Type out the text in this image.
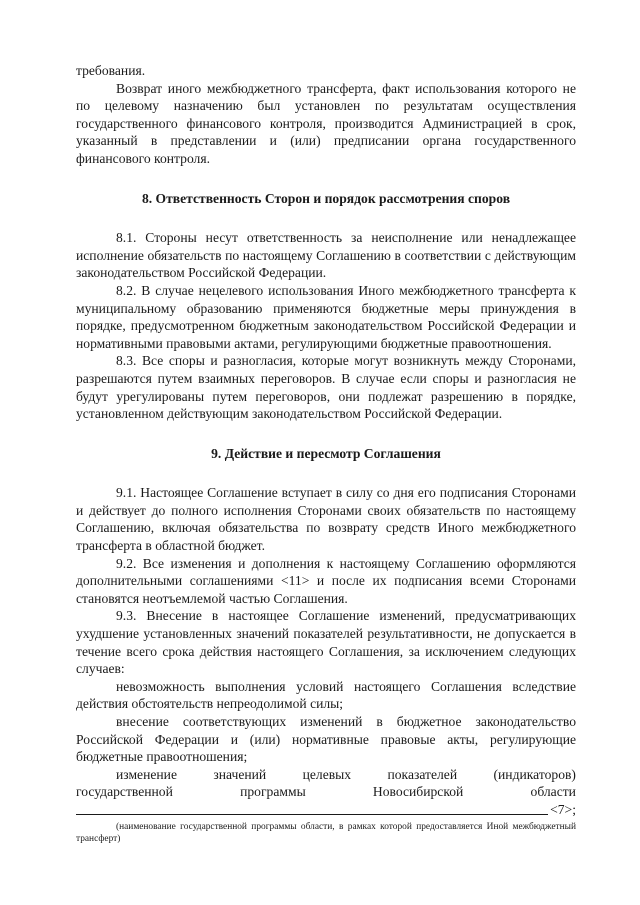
требования.

Возврат иного межбюджетного трансферта, факт использования которого не по целевому назначению был установлен по результатам осуществления государственного финансового контроля, производится Администрацией в срок, указанный в представлении и (или) предписании органа государственного финансового контроля.

8. Ответственность Сторон и порядок рассмотрения споров

8.1. Стороны несут ответственность за неисполнение или ненадлежащее исполнение обязательств по настоящему Соглашению в соответствии с действующим законодательством Российской Федерации.

8.2. В случае нецелевого использования Иного межбюджетного трансферта к муниципальному образованию применяются бюджетные меры принуждения в порядке, предусмотренном бюджетным законодательством Российской Федерации и нормативными правовыми актами, регулирующими бюджетные правоотношения.

8.3. Все споры и разногласия, которые могут возникнуть между Сторонами, разрешаются путем взаимных переговоров. В случае если споры и разногласия не будут урегулированы путем переговоров, они подлежат разрешению в порядке, установленном действующим законодательством Российской Федерации.

9. Действие и пересмотр Соглашения

9.1. Настоящее Соглашение вступает в силу со дня его подписания Сторонами и действует до полного исполнения Сторонами своих обязательств по настоящему Соглашению, включая обязательства по возврату средств Иного межбюджетного трансферта в областной бюджет.

9.2. Все изменения и дополнения к настоящему Соглашению оформляются дополнительными соглашениями <11> и после их подписания всеми Сторонами становятся неотъемлемой частью Соглашения.

9.3. Внесение в настоящее Соглашение изменений, предусматривающих ухудшение установленных значений показателей результативности, не допускается в течение всего срока действия настоящего Соглашения, за исключением следующих случаев:

невозможность выполнения условий настоящего Соглашения вследствие действия обстоятельств непреодолимой силы;

внесение соответствующих изменений в бюджетное законодательство Российской Федерации и (или) нормативные правовые акты, регулирующие бюджетные правоотношения;

изменение	значений	целевых	показателей	(индикаторов)
государственной	программы	Новосибирской	области
<7>;

(наименование государственной программы области, в рамках которой предоставляется Иной межбюджетный трансферт)
